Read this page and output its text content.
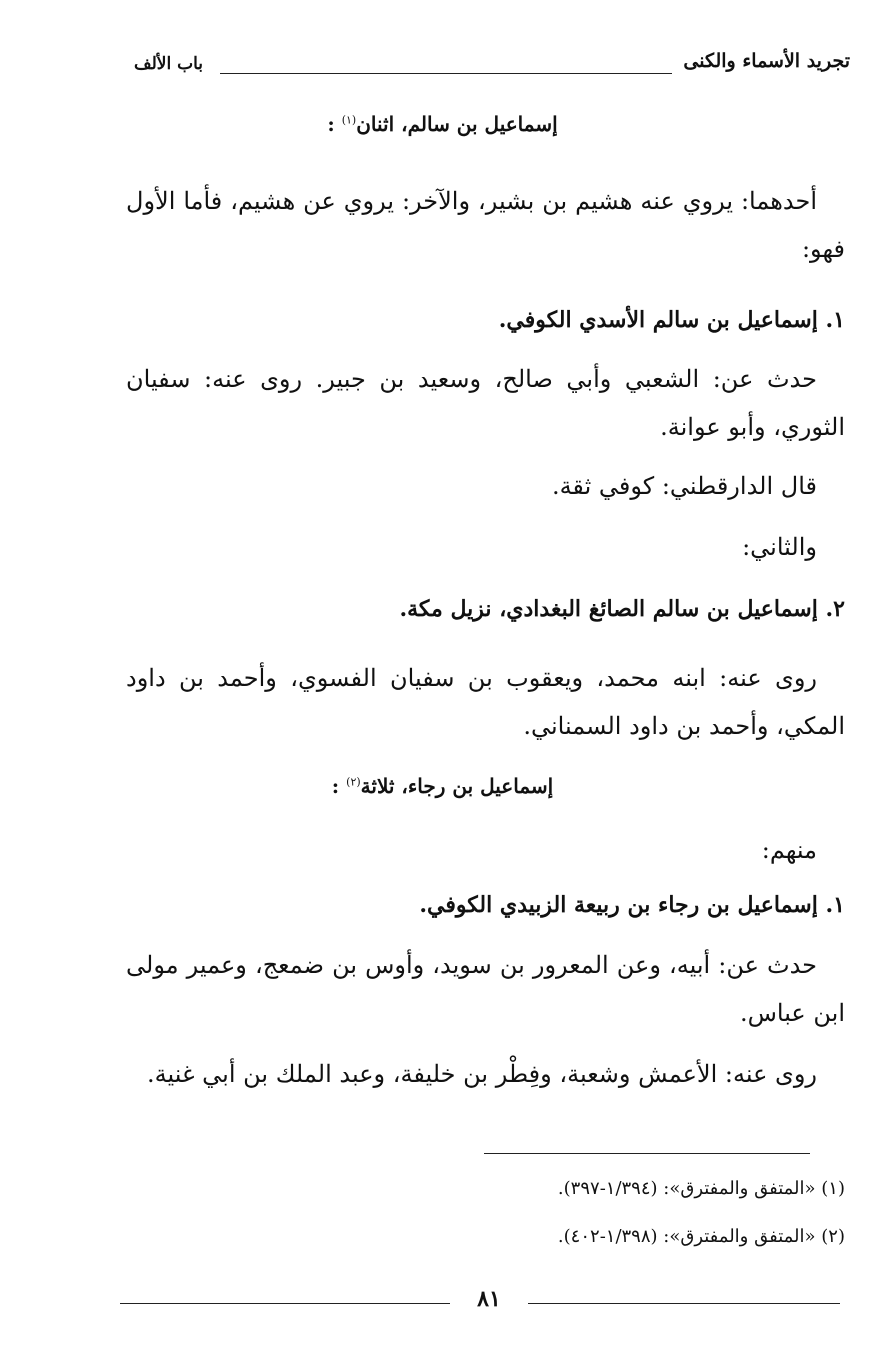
تجريد الأسماء والكنى
باب الألف
إسماعيل بن سالم، اثنان$^{(١)}$ :

أحدهما: يروي عنه هشيم بن بشير، والآخر: يروي عن هشيم، فأما الأول فهو:

١. إسماعيل بن سالم الأسدي الكوفي.

حدث عن: الشعبي وأبي صالح، وسعيد بن جبير. روى عنه: سفيان الثوري، وأبو عوانة.

قال الدارقطني: كوفي ثقة.

والثاني:

٢. إسماعيل بن سالم الصائغ البغدادي، نزيل مكة.

روى عنه: ابنه محمد، ويعقوب بن سفيان الفسوي، وأحمد بن داود المكي، وأحمد بن داود السمناني.

إسماعيل بن رجاء، ثلاثة$^{(٢)}$ :

منهم:

١. إسماعيل بن رجاء بن ربيعة الزبيدي الكوفي.

حدث عن: أبيه، وعن المعرور بن سويد، وأوس بن ضمعج، وعمير مولى ابن عباس.

روى عنه: الأعمش وشعبة، وفِطْر بن خليفة، وعبد الملك بن أبي غنية.

(١) «المتفق والمفترق»: (١/٣٩٤-٣٩٧).
(٢) «المتفق والمفترق»: (١/٣٩٨-٤٠٢).
٨١
